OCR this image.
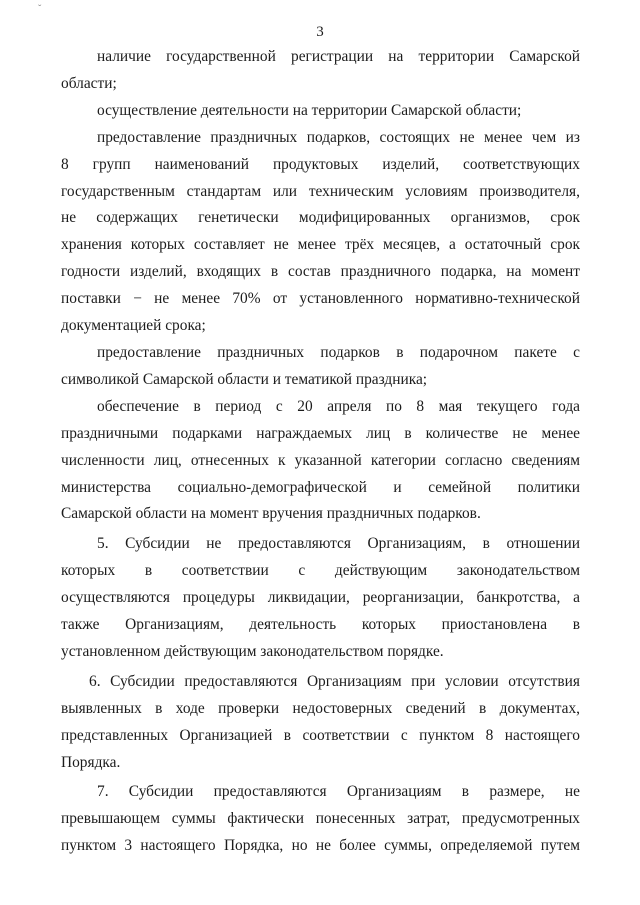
ˇ
3
наличие государственной регистрации на территории Самарской
области;
осуществление деятельности на территории Самарской области;
предоставление праздничных подарков, состоящих не менее чем из
8 групп наименований продуктовых изделий, соответствующих
государственным стандартам или техническим условиям производителя,
не содержащих генетически модифицированных организмов, срок
хранения которых составляет не менее трёх месяцев, а остаточный срок
годности изделий, входящих в состав праздничного подарка, на момент
поставки − не менее 70% от установленного нормативно-технической
документацией срока;
предоставление праздничных подарков в подарочном пакете с
символикой Самарской области и тематикой праздника;
обеспечение в период с 20 апреля по 8 мая текущего года
праздничными подарками награждаемых лиц в количестве не менее
численности лиц, отнесенных к указанной категории согласно сведениям
министерства социально-демографической и семейной политики
Самарской области на момент вручения праздничных подарков.
5. Субсидии не предоставляются Организациям, в отношении
которых в соответствии с действующим законодательством
осуществляются процедуры ликвидации, реорганизации, банкротства, а
также Организациям, деятельность которых приостановлена в
установленном действующим законодательством порядке.
6. Субсидии предоставляются Организациям при условии отсутствия
выявленных в ходе проверки недостоверных сведений в документах,
представленных Организацией в соответствии с пунктом 8 настоящего
Порядка.
7. Субсидии предоставляются Организациям в размере, не
превышающем суммы фактически понесенных затрат, предусмотренных
пунктом 3 настоящего Порядка, но не более суммы, определяемой путем
